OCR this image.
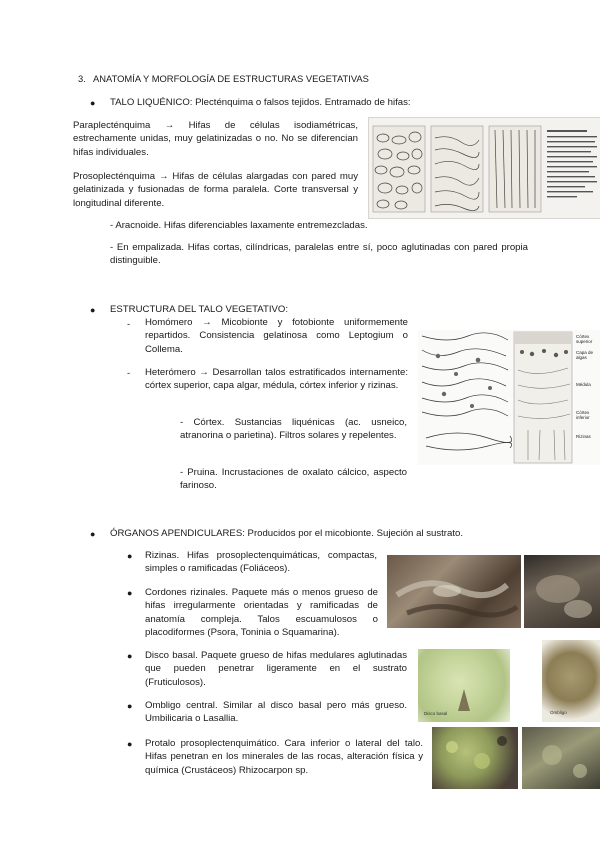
3. ANATOMÍA Y MORFOLOGÍA DE ESTRUCTURAS VEGETATIVAS
● TALO LIQUÉNICO: Plecténquima o falsos tejidos. Entramado de hifas:
Paraplecténquima → Hifas de células isodiamétricas, estrechamente unidas, muy gelatinizadas o no. No se diferencian hifas individuales.
Prosoplecténquima → Hifas de células alargadas con pared muy gelatinizada y fusionadas de forma paralela. Corte transversal y longitudinal diferente.
- Aracnoide. Hifas diferenciables laxamente entremezcladas.
- En empalizada. Hifas cortas, cilíndricas, paralelas entre sí, poco aglutinadas con pared propia distinguible.
● ESTRUCTURA DEL TALO VEGETATIVO:
- Homómero → Micobionte y fotobionte uniformemente repartidos. Consistencia gelatinosa como Leptogium o Collema.
- Heterómero → Desarrollan talos estratificados internamente: córtex superior, capa algar, médula, córtex inferior y rizinas.
- Córtex. Sustancias liquénicas (ac. usneico, atranorina o parietina). Filtros solares y repelentes.
- Pruina. Incrustaciones de oxalato cálcico, aspecto farinoso.
Córtex superior
Capa de algas
Médula
Córtex inferior
Rizinas
● ÓRGANOS APENDICULARES: Producidos por el micobionte. Sujeción al sustrato.
● Rizinas. Hifas prosoplectenquimáticas, compactas, simples o ramificadas (Foliáceos).
● Cordones rizinales. Paquete más o menos grueso de hifas irregularmente orientadas y ramificadas de anatomía compleja. Talos escuamulosos o placodiformes (Psora, Toninia o Squamarina).
● Disco basal. Paquete grueso de hifas medulares aglutinadas que pueden penetrar ligeramente en el sustrato (Fruticulosos).
● Ombligo central. Similar al disco basal pero más grueso. Umbilicaria o Lasallia.
● Protalo prosoplectenquimático. Cara inferior o lateral del talo. Hifas penetran en los minerales de las rocas, alteración física y química (Crustáceos) Rhizocarpon sp.
Disco basal	Ombligo
